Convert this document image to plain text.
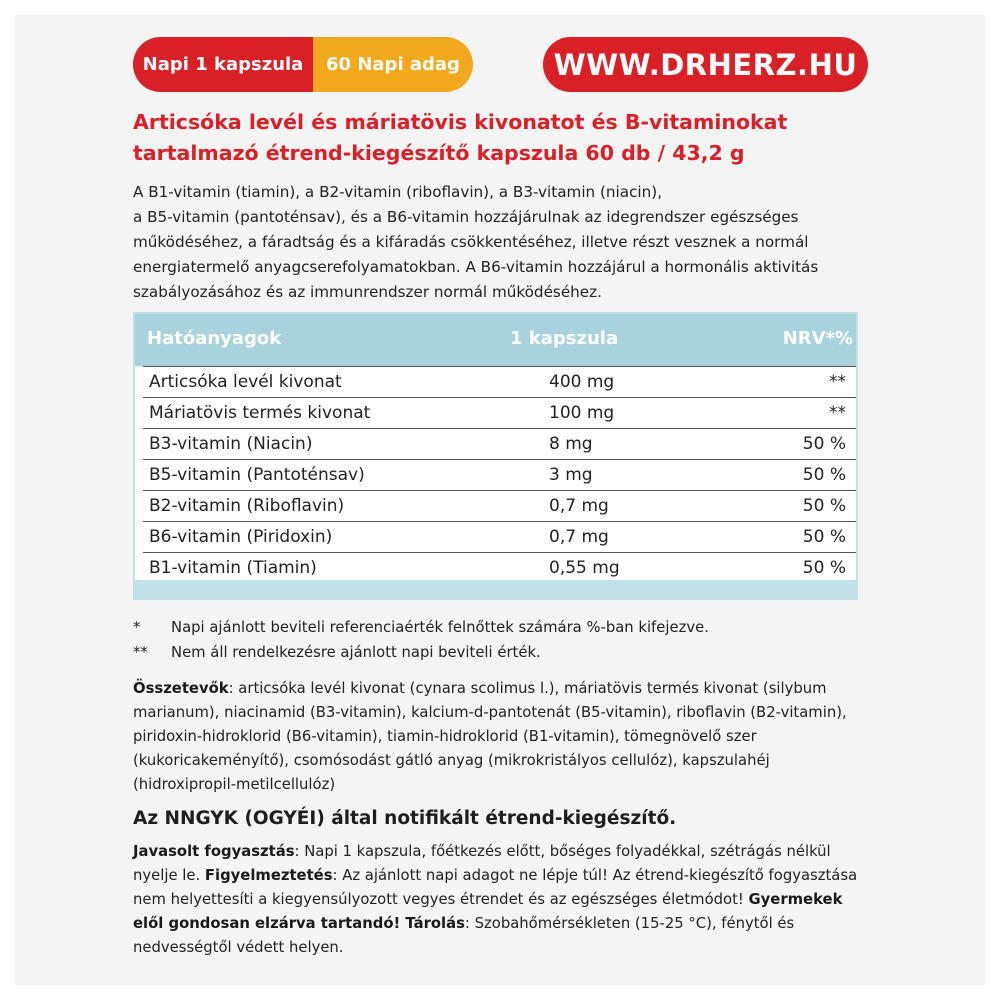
Napi 1 kapszula	60 Napi adag	WWW.DRHERZ.HU
Articsóka levél és máriatövis kivonatot és B-vitaminokat
tartalmazó étrend-kiegészítő kapszula 60 db / 43,2 g
A B1-vitamin (tiamin), a B2-vitamin (riboflavin), a B3-vitamin (niacin),
a B5-vitamin (pantoténsav), és a B6-vitamin hozzájárulnak az idegrendszer egészséges
működéséhez, a fáradtság és a kifáradás csökkentéséhez, illetve részt vesznek a normál
energiatermelő anyagcserefolyamatokban. A B6-vitamin hozzájárul a hormonális aktivitás
szabályozásához és az immunrendszer normál működéséhez.
Hatóanyagok	1 kapszula	NRV*%
Articsóka levél kivonat	400 mg	**
Máriatövis termés kivonat	100 mg	**
B3-vitamin (Niacin)	8 mg	50 %
B5-vitamin (Pantoténsav)	3 mg	50 %
B2-vitamin (Riboflavin)	0,7 mg	50 %
B6-vitamin (Piridoxin)	0,7 mg	50 %
B1-vitamin (Tiamin)	0,55 mg	50 %
*	Napi ajánlott beviteli referenciaérték felnőttek számára %-ban kifejezve.
**	Nem áll rendelkezésre ajánlott napi beviteli érték.
Összetevők: articsóka levél kivonat (cynara scolimus l.), máriatövis termés kivonat (silybum marianum), niacinamid (B3-vitamin), kalcium-d-pantotenát (B5-vitamin), riboflavin (B2-vitamin), piridoxin-hidroklorid (B6-vitamin), tiamin-hidroklorid (B1-vitamin), tömegnövelő szer (kukoricakeményítő), csomósodást gátló anyag (mikrokristályos cellulóz), kapszulahéj (hidroxipropil-metilcellulóz)
Az NNGYK (OGYÉI) által notifikált étrend-kiegészítő.
Javasolt fogyasztás: Napi 1 kapszula, főétkezés előtt, bőséges folyadékkal, szétrágás nélkül nyelje le. Figyelmeztetés: Az ajánlott napi adagot ne lépje túl! Az étrend-kiegészítő fogyasztása nem helyettesíti a kiegyensúlyozott vegyes étrendet és az egészséges életmódot! Gyermekek elől gondosan elzárva tartandó! Tárolás: Szobahőmérsékleten (15-25 °C), fénytől és nedvességtől védett helyen.
